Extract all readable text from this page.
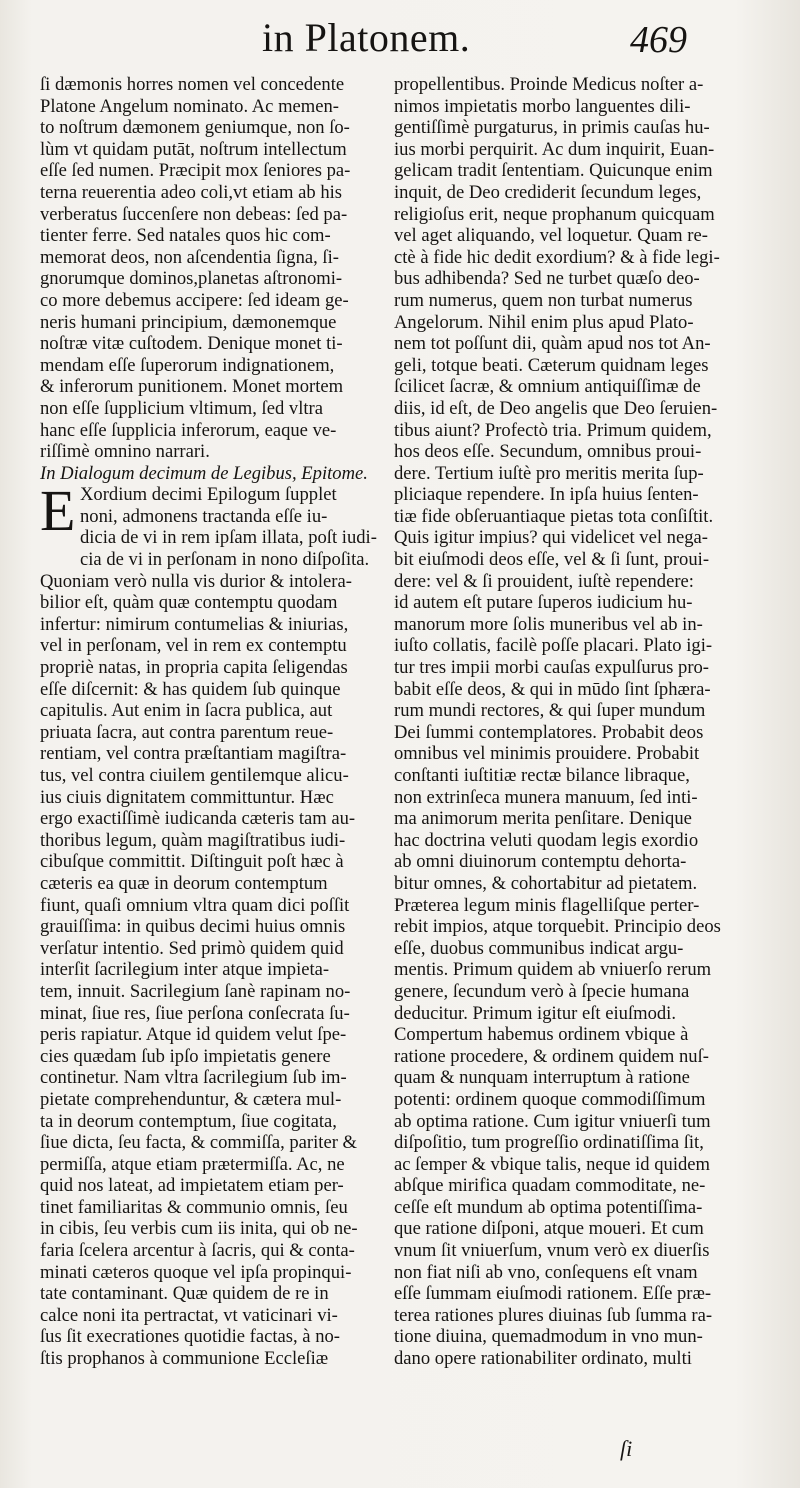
in Platonem.	469
ſi dæmonis horres nomen vel concedente
Platone Angelum nominato. Ac memen-
to noſtrum dæmonem geniumque, non ſo-
lùm vt quidam putāt, noſtrum intellectum
eſſe ſed numen. Præcipit mox ſeniores pa-
terna reuerentia adeo coli,vt etiam ab his
verberatus ſuccenſere non debeas: ſed pa-
tienter ferre. Sed natales quos hic com-
memorat deos, non aſcendentia ſigna, ſi-
gnorumque dominos,planetas aſtronomi-
co more debemus accipere: ſed ideam ge-
neris humani principium, dæmonemque
noſtræ vitæ cuſtodem. Denique monet ti-
mendam eſſe ſuperorum indignationem,
& inferorum punitionem. Monet mortem
non eſſe ſupplicium vltimum, ſed vltra
hanc eſſe ſupplicia inferorum, eaque ve-
riſſimè omnino narrari.
In Dialogum decimum de Legibus, Epitome.
E Xordium decimi Epilogum ſupplet
noni, admonens tractanda eſſe iu-
dicia de vi in rem ipſam illata, poſt iudi-
cia de vi in perſonam in nono diſpoſita.
Quoniam verò nulla vis durior & intolera-
bilior eſt, quàm quæ contemptu quodam
infertur: nimirum contumelias & iniurias,
vel in perſonam, vel in rem ex contemptu
propriè natas, in propria capita ſeligendas
eſſe diſcernit: & has quidem ſub quinque
capitulis. Aut enim in ſacra publica, aut
priuata ſacra, aut contra parentum reue-
rentiam, vel contra præſtantiam magiſtra-
tus, vel contra ciuilem gentilemque alicu-
ius ciuis dignitatem committuntur. Hæc
ergo exactiſſimè iudicanda cæteris tam au-
thoribus legum, quàm magiſtratibus iudi-
cibuſque committit. Diſtinguit poſt hæc à
cæteris ea quæ in deorum contemptum
fiunt, quaſi omnium vltra quam dici poſſit
grauiſſima: in quibus decimi huius omnis
verſatur intentio. Sed primò quidem quid
interſit ſacrilegium inter atque impieta-
tem, innuit. Sacrilegium ſanè rapinam no-
minat, ſiue res, ſiue perſona conſecrata ſu-
peris rapiatur. Atque id quidem velut ſpe-
cies quædam ſub ipſo impietatis genere
continetur. Nam vltra ſacrilegium ſub im-
pietate comprehenduntur, & cætera mul-
ta in deorum contemptum, ſiue cogitata,
ſiue dicta, ſeu facta, & commiſſa, pariter &
permiſſa, atque etiam prætermiſſa. Ac, ne
quid nos lateat, ad impietatem etiam per-
tinet familiaritas & communio omnis, ſeu
in cibis, ſeu verbis cum iis inita, qui ob ne-
faria ſcelera arcentur à ſacris, qui & conta-
minati cæteros quoque vel ipſa propinqui-
tate contaminant. Quæ quidem de re in
calce noni ita pertractat, vt vaticinari vi-
ſus ſit execrationes quotidie factas, à no-
ſtis prophanos à communione Eccleſiæ
propellentibus. Proinde Medicus noſter a-
nimos impietatis morbo languentes dili-
gentiſſimè purgaturus, in primis cauſas hu-
ius morbi perquirit. Ac dum inquirit, Euan-
gelicam tradit ſententiam. Quicunque enim
inquit, de Deo crediderit ſecundum leges,
religioſus erit, neque prophanum quicquam
vel aget aliquando, vel loquetur. Quam re-
ctè à fide hic dedit exordium? & à fide legi-
bus adhibenda? Sed ne turbet quæſo deo-
rum numerus, quem non turbat numerus
Angelorum. Nihil enim plus apud Plato-
nem tot poſſunt dii, quàm apud nos tot An-
geli, totque beati. Cæterum quidnam leges
ſcilicet ſacræ, & omnium antiquiſſimæ de
diis, id eſt, de Deo angelis que Deo ſeruien-
tibus aiunt? Profectò tria. Primum quidem,
hos deos eſſe. Secundum, omnibus proui-
dere. Tertium iuſtè pro meritis merita ſup-
pliciaque rependere. In ipſa huius ſenten-
tiæ fide obſeruantiaque pietas tota conſiſtit.
Quis igitur impius? qui videlicet vel nega-
bit eiuſmodi deos eſſe, vel & ſi ſunt, proui-
dere: vel & ſi prouident, iuſtè rependere:
id autem eſt putare ſuperos iudicium hu-
manorum more ſolis muneribus vel ab in-
iuſto collatis, facilè poſſe placari. Plato igi-
tur tres impii morbi cauſas expulſurus pro-
babit eſſe deos, & qui in mūdo ſint ſphæra-
rum mundi rectores, & qui ſuper mundum
Dei ſummi contemplatores. Probabit deos
omnibus vel minimis prouidere. Probabit
conſtanti iuſtitiæ rectæ bilance libraque,
non extrinſeca munera manuum, ſed inti-
ma animorum merita penſitare. Denique
hac doctrina veluti quodam legis exordio
ab omni diuinorum contemptu dehorta-
bitur omnes, & cohortabitur ad pietatem.
Præterea legum minis flagelliſque perter-
rebit impios, atque torquebit. Principio deos
eſſe, duobus communibus indicat argu-
mentis. Primum quidem ab vniuerſo rerum
genere, ſecundum verò à ſpecie humana
deducitur. Primum igitur eſt eiuſmodi.
Compertum habemus ordinem vbique à
ratione procedere, & ordinem quidem nuſ-
quam & nunquam interruptum à ratione
potenti: ordinem quoque commodiſſimum
ab optima ratione. Cum igitur vniuerſi tum
diſpoſitio, tum progreſſio ordinatiſſima ſit,
ac ſemper & vbique talis, neque id quidem
abſque mirifica quadam commoditate, ne-
ceſſe eſt mundum ab optima potentiſſima-
que ratione diſponi, atque moueri. Et cum
vnum ſit vniuerſum, vnum verò ex diuerſis
non fiat niſi ab vno, conſequens eſt vnam
eſſe ſummam eiuſmodi rationem. Eſſe præ-
terea rationes plures diuinas ſub ſumma ra-
tione diuina, quemadmodum in vno mun-
dano opere rationabiliter ordinato, multi
ſi
